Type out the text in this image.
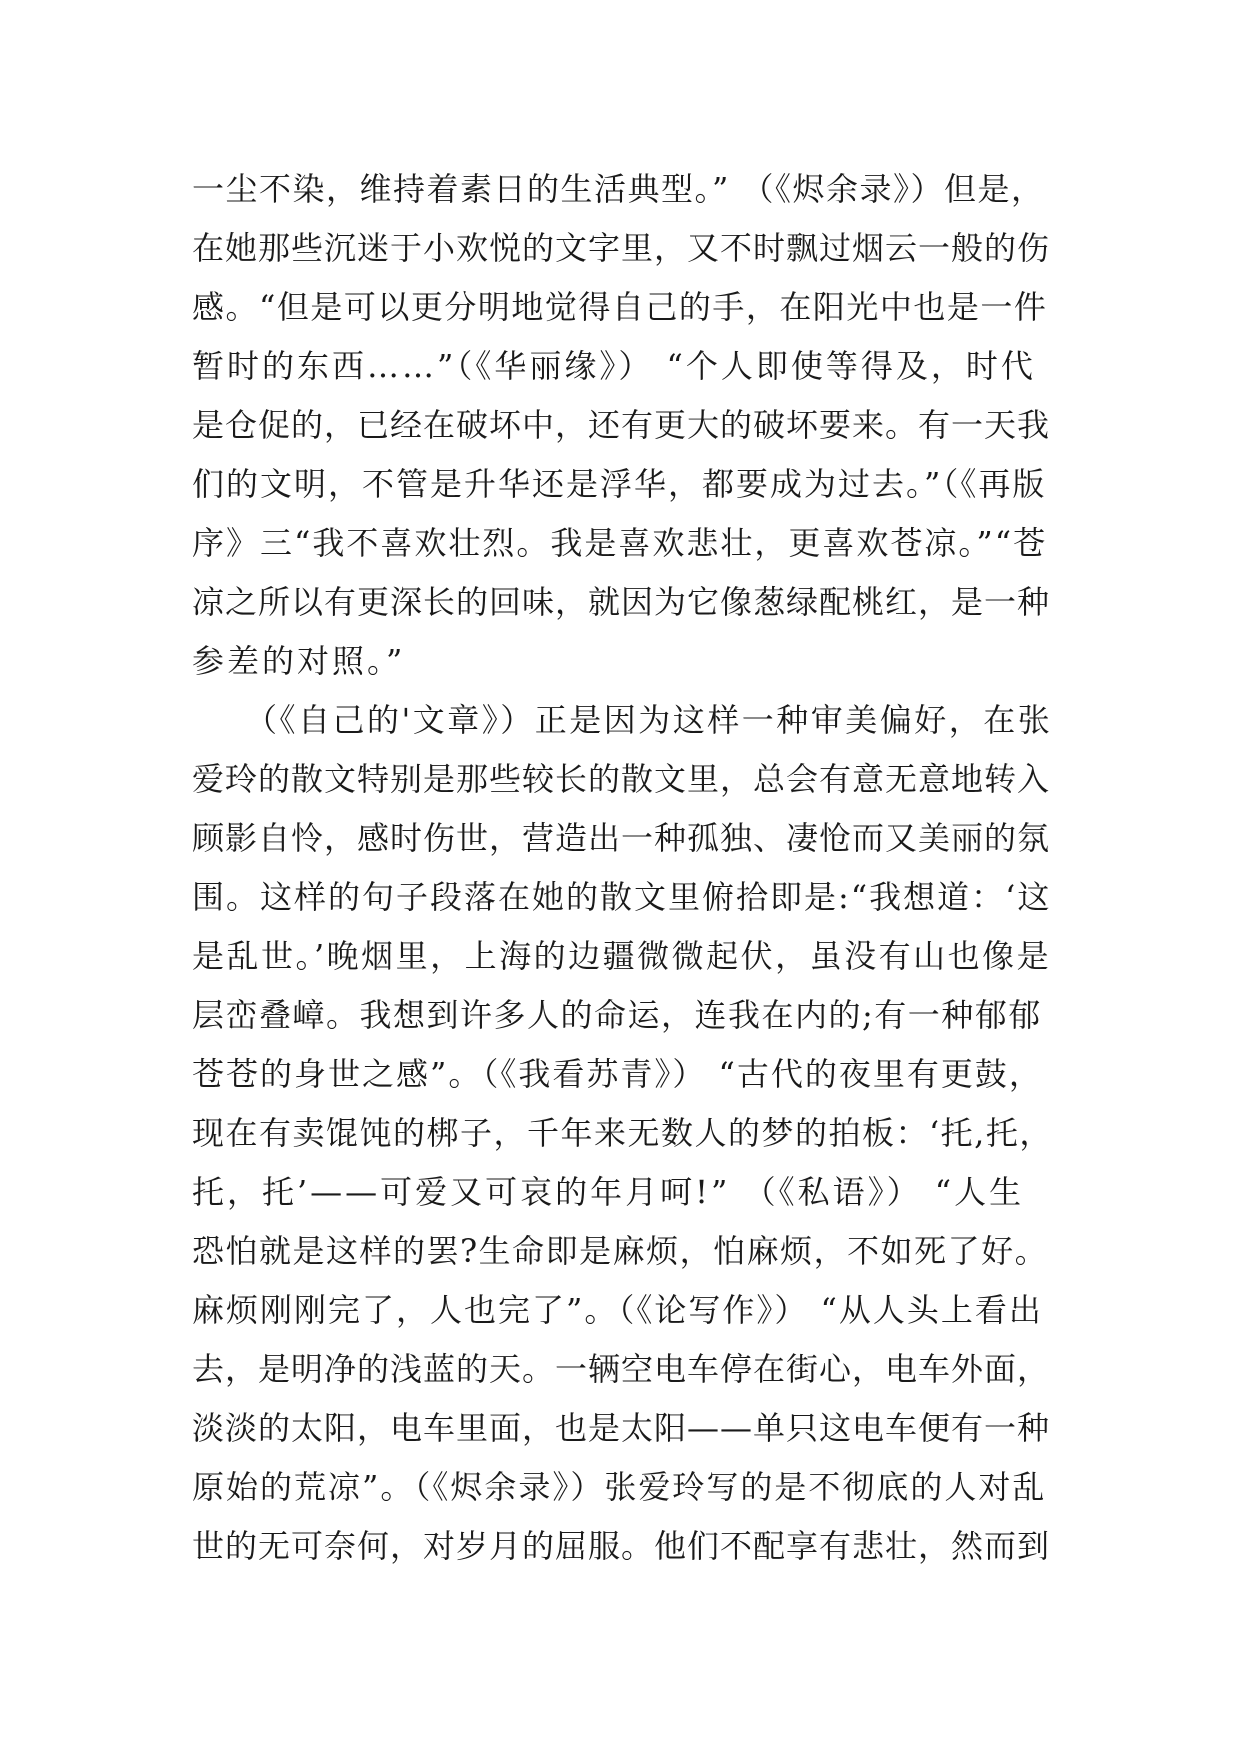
一尘不染，维持着素日的生活典型。” （《烬余录》）但是，
在她那些沉迷于小欢悦的文字里，又不时飘过烟云一般的伤
感。“但是可以更分明地觉得自己的手，在阳光中也是一件
暂时的东西……”（《华丽缘》） “个人即使等得及，时代
是仓促的，已经在破坏中，还有更大的破坏要来。有一天我
们的文明，不管是升华还是浮华，都要成为过去。”（《再版
序》三“我不喜欢壮烈。我是喜欢悲壮，更喜欢苍凉。”“苍
凉之所以有更深长的回味，就因为它像葱绿配桃红，是一种
参差的对照。”
　　（《自己的'文章》）正是因为这样一种审美偏好，在张
爱玲的散文特别是那些较长的散文里，总会有意无意地转入
顾影自怜，感时伤世，营造出一种孤独、凄怆而又美丽的氛
围。这样的句子段落在她的散文里俯拾即是:“我想道：‘这
是乱世。’晚烟里，上海的边疆微微起伏，虽没有山也像是
层峦叠嶂。我想到许多人的命运，连我在内的;有一种郁郁
苍苍的身世之感”。（《我看苏青》） “古代的夜里有更鼓，
现在有卖馄饨的梆子，千年来无数人的梦的拍板：‘托,托，
托，托’——可爱又可哀的年月呵!” （《私语》） “人生
恐怕就是这样的罢?生命即是麻烦，怕麻烦，不如死了好。
麻烦刚刚完了，人也完了”。（《论写作》） “从人头上看出
去，是明净的浅蓝的天。一辆空电车停在街心，电车外面，
淡淡的太阳，电车里面，也是太阳——单只这电车便有一种
原始的荒凉”。（《烬余录》）张爱玲写的是不彻底的人对乱
世的无可奈何，对岁月的屈服。他们不配享有悲壮，然而到
